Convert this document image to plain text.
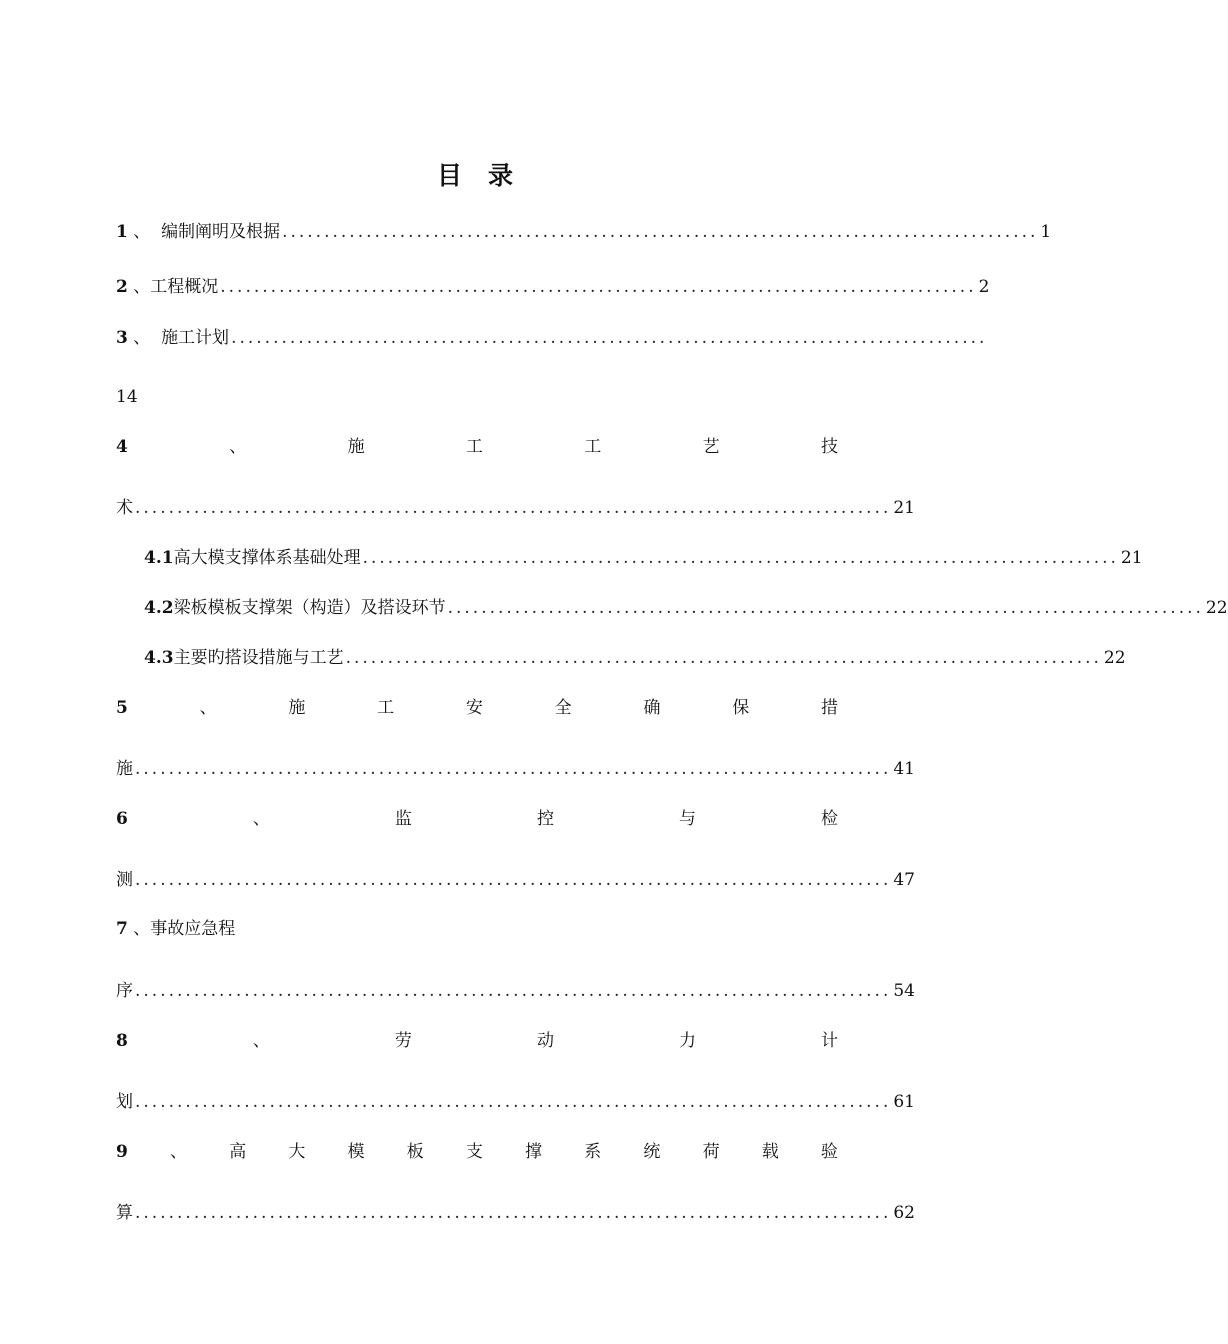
目录
1 、 编制阐明及根据 .......................................................................................... 1
2 、工程概况 .......................................................................................... 2
3 、 施工计划 ..........................................................................................
14
4	、	施	工	工	艺	技
术 .......................................................................................... 21
4.1高大模支撑体系基础处理 .......................................................................................... 21
4.2梁板模板支撑架（构造）及搭设环节 .......................................................................................... 22
4.3主要旳搭设措施与工艺 .......................................................................................... 22
5	、	施	工	安	全	确	保	措
施 .......................................................................................... 41
6	、	监	控	与	检
测 .......................................................................................... 47
7 、事故应急程
序 .......................................................................................... 54
8	、	劳	动	力	计
划 .......................................................................................... 61
9 、 高 大 模 板 支 撑 系 统 荷 载 验
算 .......................................................................................... 62
